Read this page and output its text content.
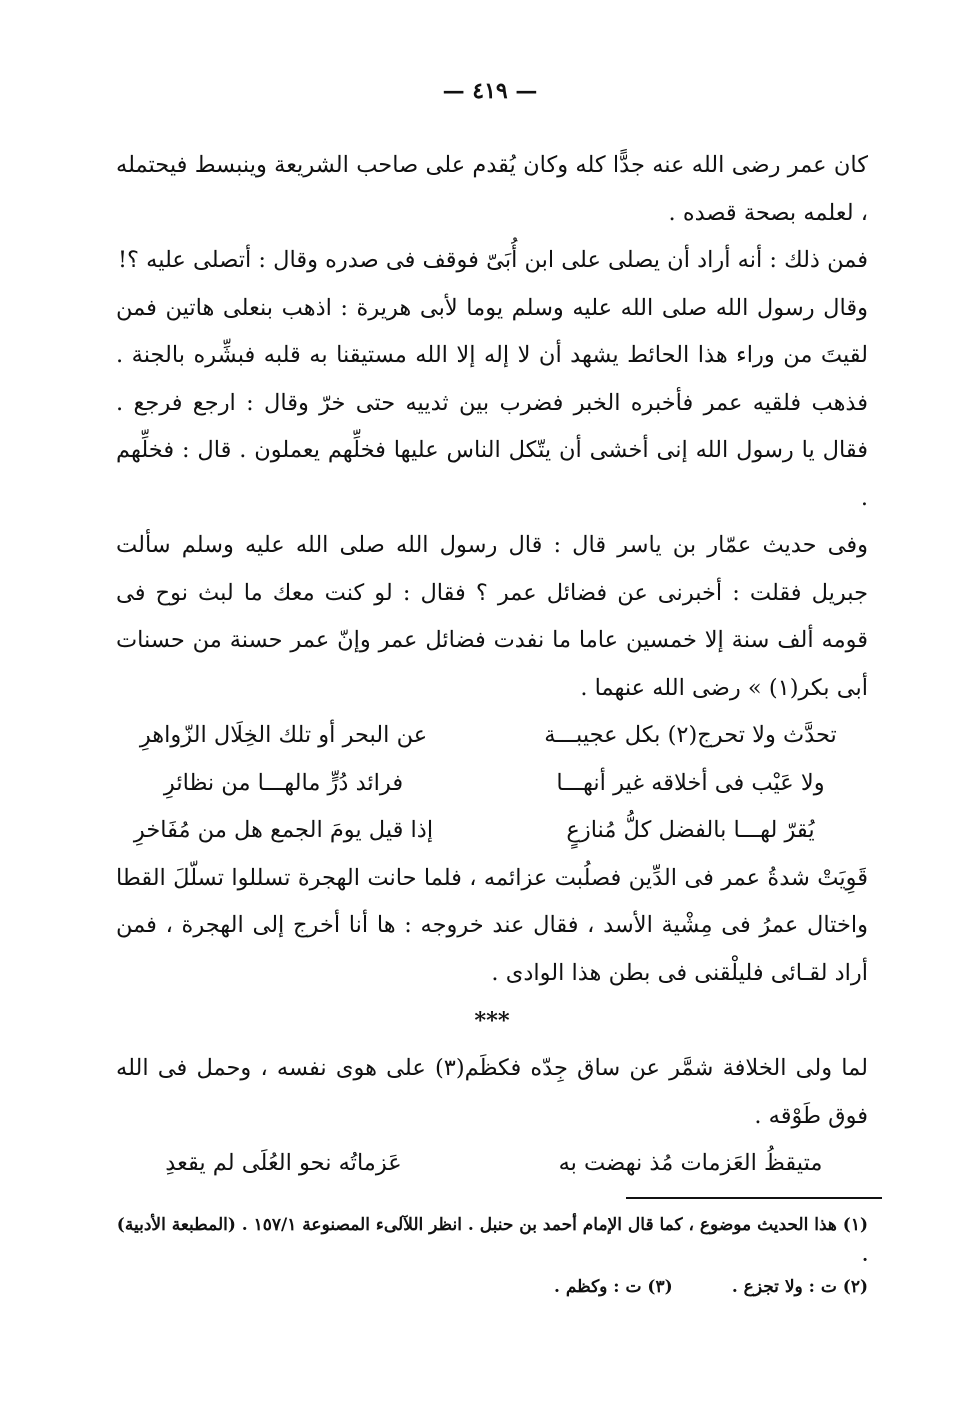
— ٤١٩ —

كان عمر رضى الله عنه جدًّا كله وكان يُقدم على صاحب الشريعة وينبسط فيحتمله ، لعلمه بصحة قصده .

فمن ذلك : أنه أراد أن يصلى على ابن أُبَىّ فوقف فى صدره وقال : أتصلى عليه ؟!

وقال رسول الله صلى الله عليه وسلم يوما لأبى هريرة : اذهب بنعلى هاتين فمن لقيتَ من وراء هذا الحائط يشهد أن لا إله إلا الله مستيقنا به قلبه فبشِّره بالجنة . فذهب فلقيه عمر فأخبره الخبر فضرب بين ثدييه حتى خرّ وقال : ارجع فرجع . فقال يا رسول الله إنى أخشى أن يتّكل الناس عليها فخلِّهم يعملون . قال : فخلِّهم .

وفى حديث عمّار بن ياسر قال : قال رسول الله صلى الله عليه وسلم سألت جبريل فقلت : أخبرنى عن فضائل عمر ؟ فقال : لو كنت معك ما لبث نوح فى قومه ألف سنة إلا خمسين عاما ما نفدت فضائل عمر وإنّ عمر حسنة من حسنات أبى بكر(١) » رضى الله عنهما .

تحدَّث ولا تحرج(٢) بكل عجيبـــة
عن البحر أو تلك الخِلَال الزّواهرِ
ولا عَيْب فى أخلاقه غير أنهـــا
فرائد دُرٍّ مالهـــا من نظائرِ
يُقرّ لهـــا بالفضل كلُّ مُنازعٍ
إذا قيل يومَ الجمع هل من مُفَاخرِ

قَوِيَتْ شدةُ عمر فى الدِّين فصلُبت عزائمه ، فلما حانت الهجرة تسللوا تسلّلَ القطا واختال عمرُ فى مِشْية الأسد ، فقال عند خروجه : ها أنا أخرج إلى الهجرة ، فمن أراد لقـائى فليلْقنى فى بطن هذا الوادى .

***

لما ولى الخلافة شمَّر عن ساق جِدّه فكظَم(٣) على هوى نفسه ، وحمل فى الله فوق طَوْقه .

متيقظُ العَزمات مُذ نهضت به
عَزماتُه نحو العُلَى لم يقعدِ

(١) هذا الحديث موضوع ، كما قال الإمام أحمد بن حنبل . انظر اللآلىء المصنوعة ١٥٧/١ . (المطبعة الأدبية) .

(٢) ت : ولا تجزع .          (٣) ت : وكظم .
